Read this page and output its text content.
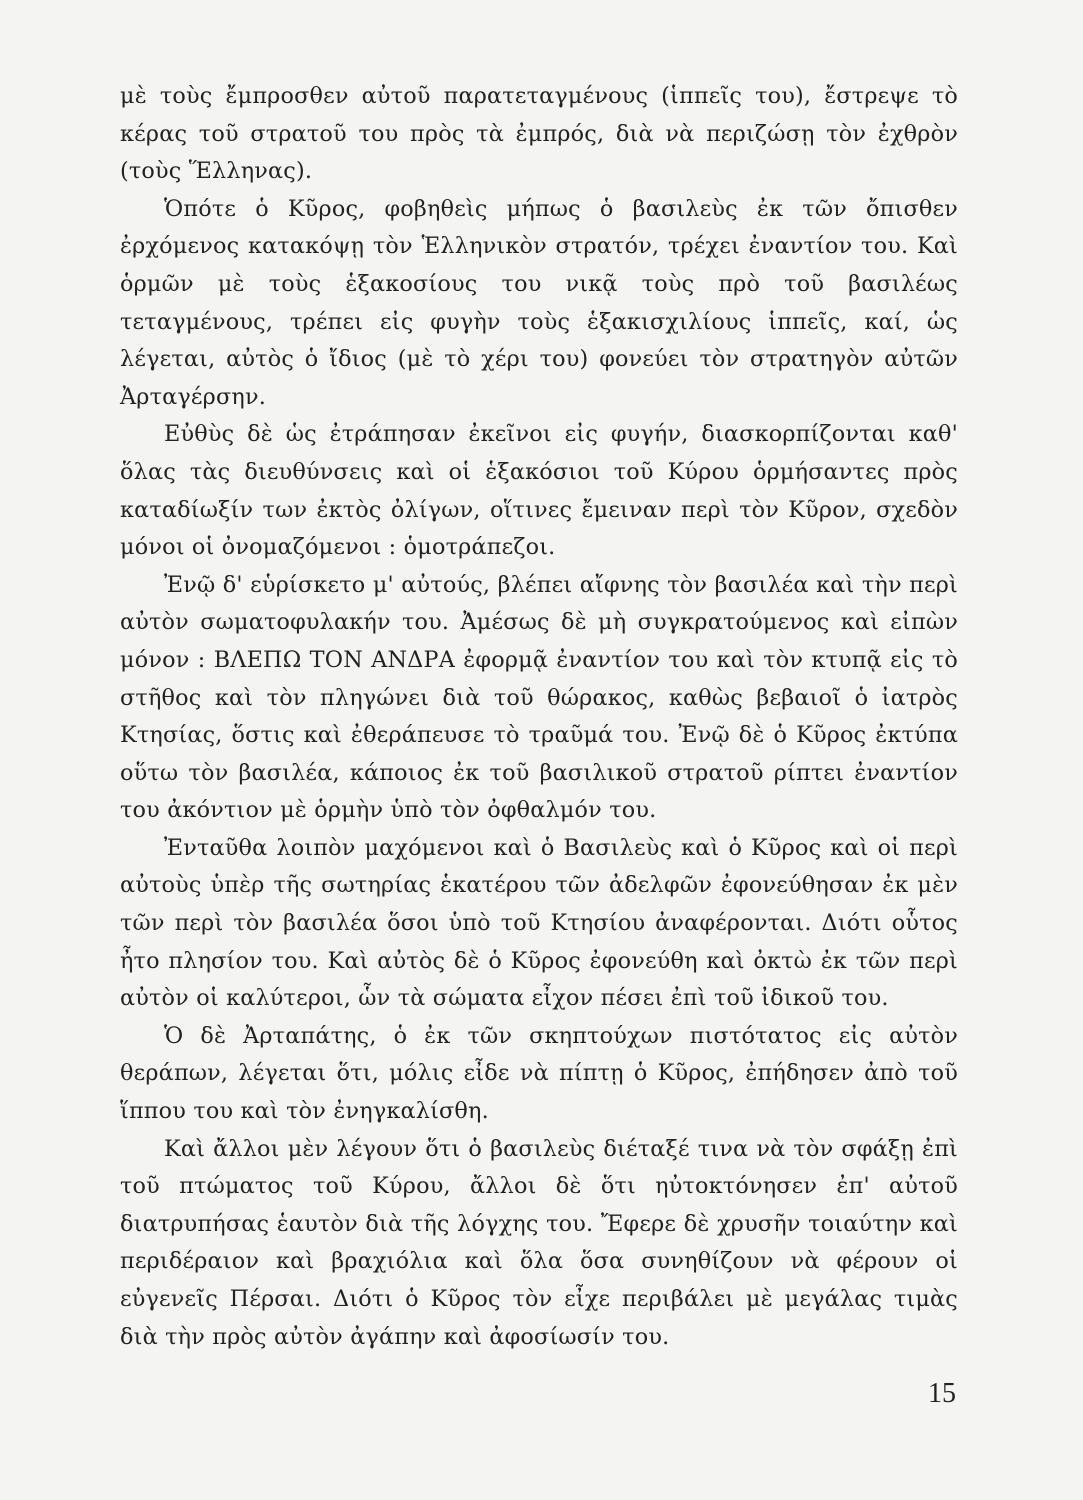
μὲ τοὺς ἔμπροσθεν αὐτοῦ παρατεταγμένους (ἱππεῖς του), ἔστρεψε τὸ κέρας τοῦ στρατοῦ του πρὸς τὰ ἐμπρός, διὰ νὰ περιζώσῃ τὸν ἐχθρὸν (τοὺς Ἕλληνας).

Ὁπότε ὁ Κῦρος, φοβηθεὶς μήπως ὁ βασιλεὺς ἐκ τῶν ὄπισθεν ἐρχόμενος κατακόψῃ τὸν Ἑλληνικὸν στρατόν, τρέχει ἐναντίον του. Καὶ ὁρμῶν μὲ τοὺς ἑξακοσίους του νικᾷ τοὺς πρὸ τοῦ βασιλέως τεταγμένους, τρέπει εἰς φυγὴν τοὺς ἑξακισχιλίους ἱππεῖς, καί, ὡς λέγεται, αὐτὸς ὁ ἴδιος (μὲ τὸ χέρι του) φονεύει τὸν στρατηγὸν αὐτῶν Ἀρταγέρσην.

Εὐθὺς δὲ ὡς ἐτράπησαν ἐκεῖνοι εἰς φυγήν, διασκορπίζονται καθ' ὅλας τὰς διευθύνσεις καὶ οἱ ἑξακόσιοι τοῦ Κύρου ὁρμήσαντες πρὸς καταδίωξίν των ἐκτὸς ὀλίγων, οἵτινες ἔμειναν περὶ τὸν Κῦρον, σχεδὸν μόνοι οἱ ὀνομαζόμενοι : ὁμοτράπεζοι.

Ἐνῷ δ' εὑρίσκετο μ' αὐτούς, βλέπει αἴφνης τὸν βασιλέα καὶ τὴν περὶ αὐτὸν σωματοφυλακήν του. Ἀμέσως δὲ μὴ συγκρατούμενος καὶ εἰπὼν μόνον : ΒΛΕΠΩ ΤΟΝ ΑΝΔΡΑ ἐφορμᾷ ἐναντίον του καὶ τὸν κτυπᾷ εἰς τὸ στῆθος καὶ τὸν πληγώνει διὰ τοῦ θώρακος, καθὼς βεβαιοῖ ὁ ἰατρὸς Κτησίας, ὅστις καὶ ἐθεράπευσε τὸ τραῦμά του. Ἐνῷ δὲ ὁ Κῦρος ἐκτύπα οὕτω τὸν βασιλέα, κάποιος ἐκ τοῦ βασιλικοῦ στρατοῦ ρίπτει ἐναντίον του ἀκόντιον μὲ ὁρμὴν ὑπὸ τὸν ὀφθαλμόν του.

Ἐνταῦθα λοιπὸν μαχόμενοι καὶ ὁ Βασιλεὺς καὶ ὁ Κῦρος καὶ οἱ περὶ αὐτοὺς ὑπὲρ τῆς σωτηρίας ἑκατέρου τῶν ἀδελφῶν ἐφονεύθησαν ἐκ μὲν τῶν περὶ τὸν βασιλέα ὅσοι ὑπὸ τοῦ Κτησίου ἀναφέρονται. Διότι οὗτος ἦτο πλησίον του. Καὶ αὐτὸς δὲ ὁ Κῦρος ἐφονεύθη καὶ ὀκτὼ ἐκ τῶν περὶ αὐτὸν οἱ καλύτεροι, ὧν τὰ σώματα εἶχον πέσει ἐπὶ τοῦ ἰδικοῦ του.

Ὁ δὲ Ἀρταπάτης, ὁ ἐκ τῶν σκηπτούχων πιστότατος εἰς αὐτὸν θεράπων, λέγεται ὅτι, μόλις εἶδε νὰ πίπτῃ ὁ Κῦρος, ἐπήδησεν ἀπὸ τοῦ ἵππου του καὶ τὸν ἐνηγκαλίσθη.

Καὶ ἄλλοι μὲν λέγουν ὅτι ὁ βασιλεὺς διέταξέ τινα νὰ τὸν σφάξῃ ἐπὶ τοῦ πτώματος τοῦ Κύρου, ἄλλοι δὲ ὅτι ηὐτοκτόνησεν ἐπ' αὐτοῦ διατρυπήσας ἑαυτὸν διὰ τῆς λόγχης του. Ἔφερε δὲ χρυσῆν τοιαύτην καὶ περιδέραιον καὶ βραχιόλια καὶ ὅλα ὅσα συνηθίζουν νὰ φέρουν οἱ εὐγενεῖς Πέρσαι. Διότι ὁ Κῦρος τὸν εἶχε περιβάλει μὲ μεγάλας τιμὰς διὰ τὴν πρὸς αὐτὸν ἀγάπην καὶ ἀφοσίωσίν του.

15
